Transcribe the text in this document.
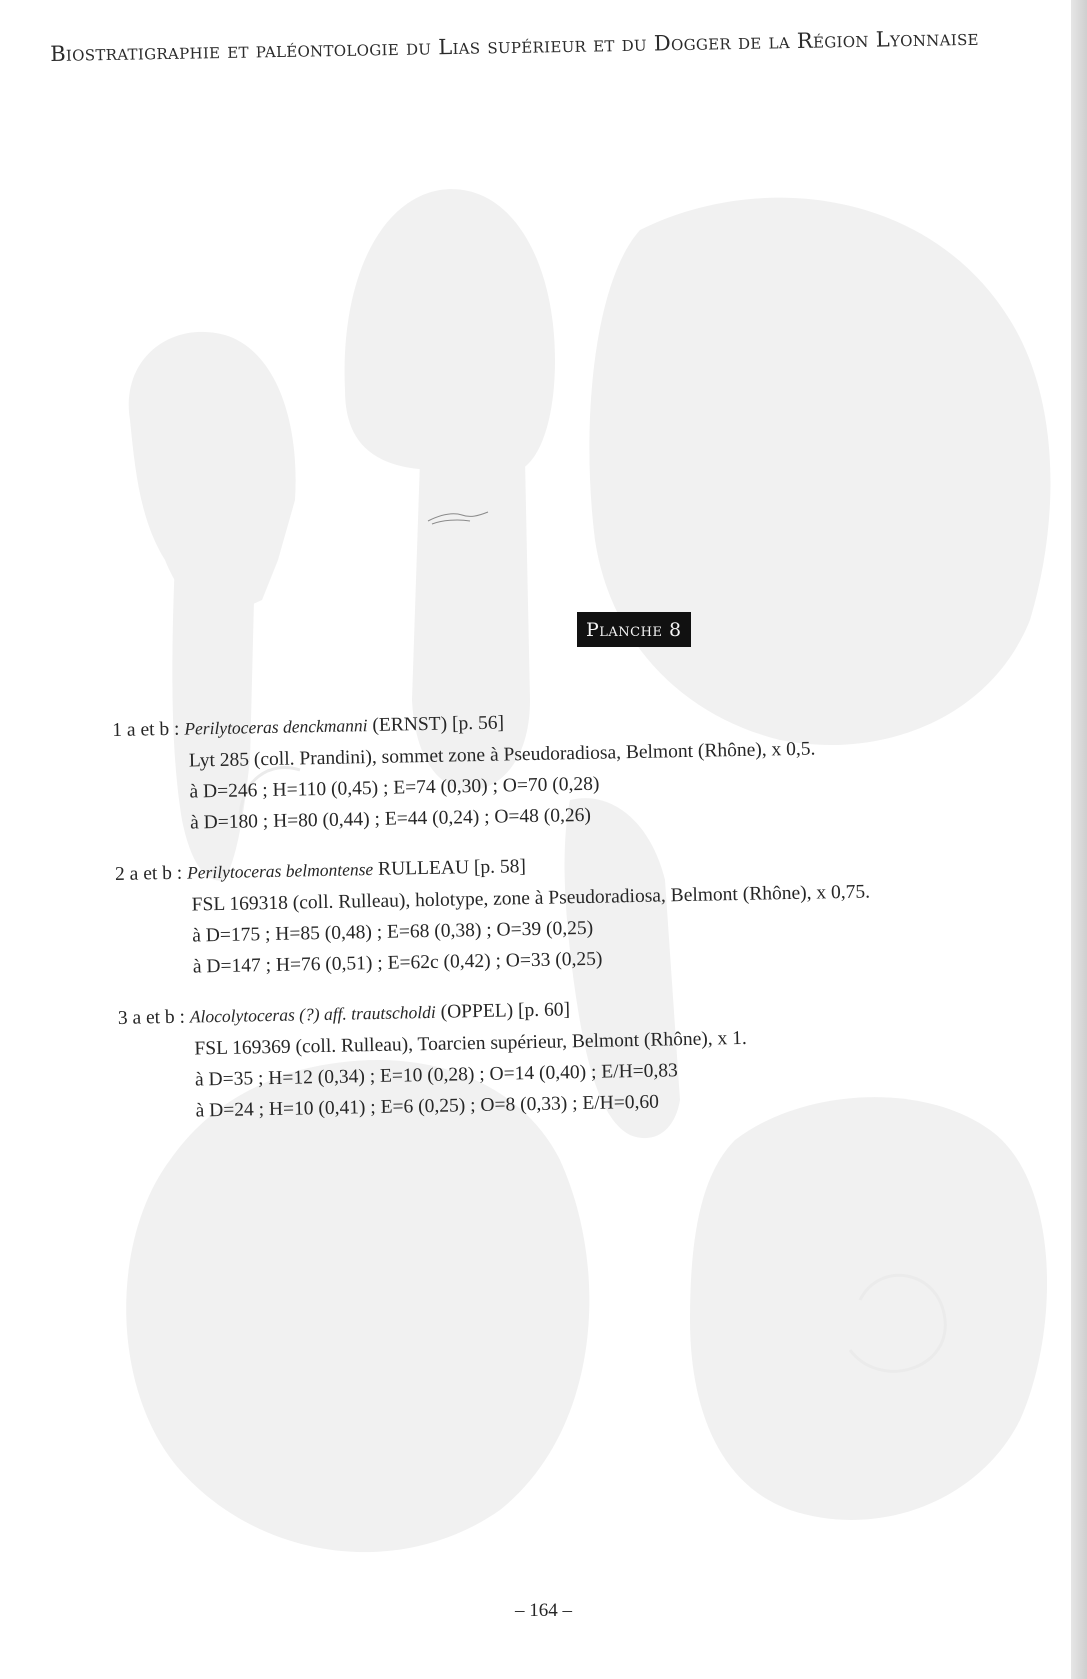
Biostratigraphie et paléontologie du Lias supérieur et du Dogger de la Région Lyonnaise
Planche 8
1 a et b : Perilytoceras denckmanni (ERNST) [p. 56]
Lyt 285 (coll. Prandini), sommet zone à Pseudoradiosa, Belmont (Rhône), x 0,5.
à D=246 ; H=110 (0,45) ; E=74 (0,30) ; O=70 (0,28)
à D=180 ; H=80 (0,44) ; E=44 (0,24) ; O=48 (0,26)
2 a et b : Perilytoceras belmontense RULLEAU [p. 58]
FSL 169318 (coll. Rulleau), holotype, zone à Pseudoradiosa, Belmont (Rhône), x 0,75.
à D=175 ; H=85 (0,48) ; E=68 (0,38) ; O=39 (0,25)
à D=147 ; H=76 (0,51) ; E=62c (0,42) ; O=33 (0,25)
3 a et b : Alocolytoceras (?) aff. trautscholdi (OPPEL) [p. 60]
FSL 169369 (coll. Rulleau), Toarcien supérieur, Belmont (Rhône), x 1.
à D=35 ; H=12 (0,34) ; E=10 (0,28) ; O=14 (0,40) ; E/H=0,83
à D=24 ; H=10 (0,41) ; E=6 (0,25) ; O=8 (0,33) ; E/H=0,60
– 164 –
